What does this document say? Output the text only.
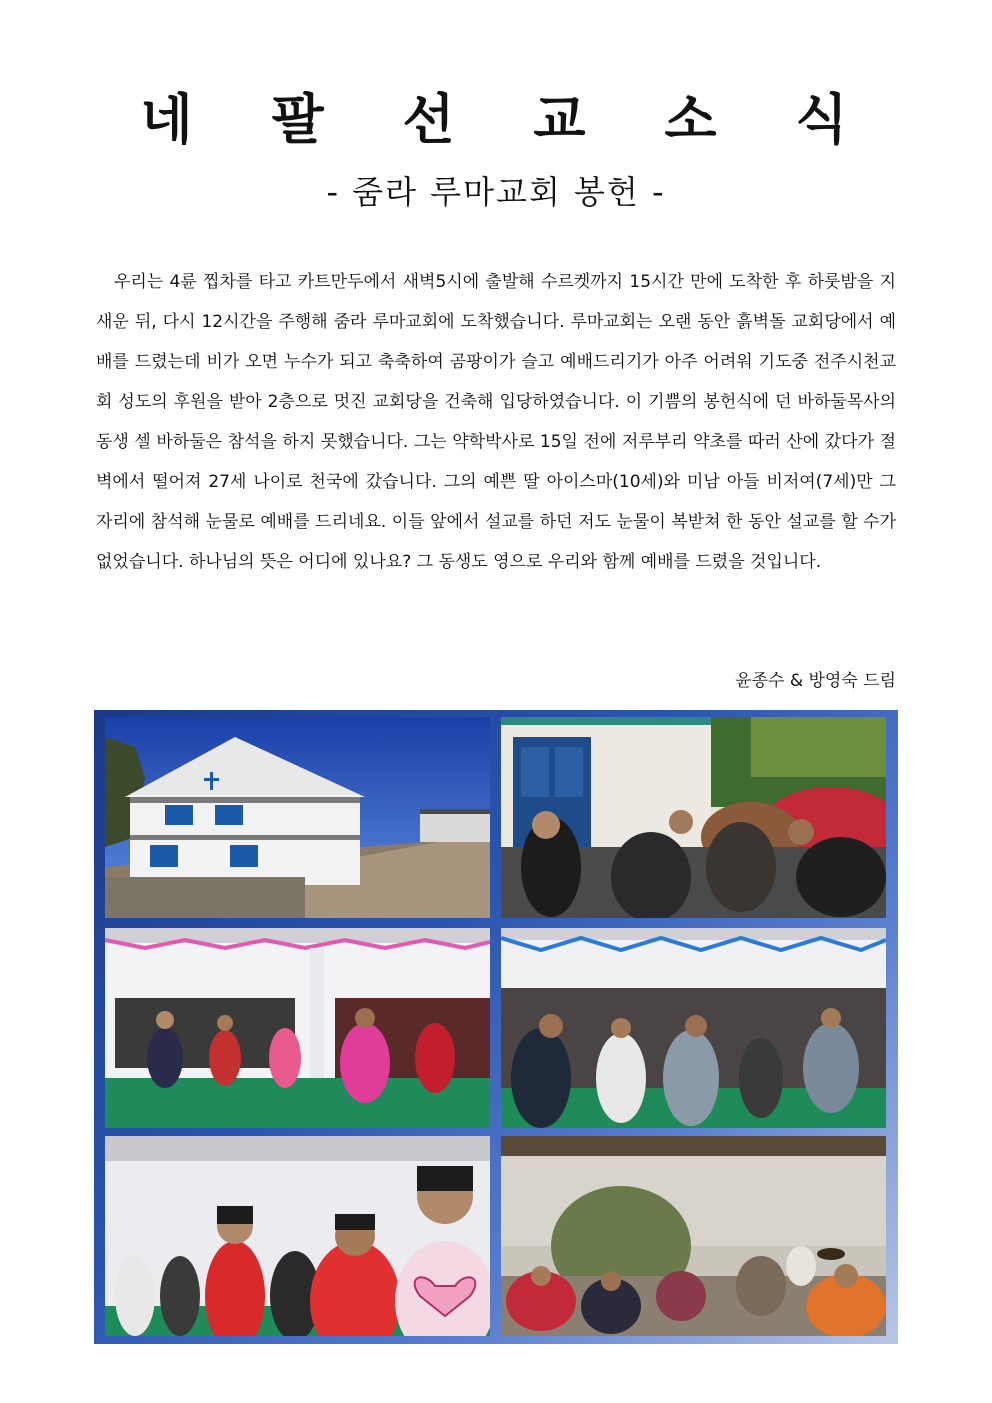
네 팔 선 교 소 식
- 줌라 루마교회 봉헌 -

우리는 4륜 찝차를 타고 카트만두에서 새벽5시에 출발해 수르켓까지 15시간 만에 도착한 후 하룻밤을 지새운 뒤, 다시 12시간을 주행해 줌라 루마교회에 도착했습니다. 루마교회는 오랜 동안 흙벽돌 교회당에서 예배를 드렸는데 비가 오면 누수가 되고 축축하여 곰팡이가 슬고 예배드리기가 아주 어려워 기도중 전주시천교회 성도의 후원을 받아 2층으로 멋진 교회당을 건축해 입당하였습니다. 이 기쁨의 봉헌식에 던 바하둘목사의 동생 셀 바하둘은 참석을 하지 못했습니다. 그는 약학박사로 15일 전에 저루부리 약초를 따러 산에 갔다가 절벽에서 떨어져 27세 나이로 천국에 갔습니다. 그의 예쁜 딸 아이스마(10세)와 미남 아들 비저여(7세)만 그 자리에 참석해 눈물로 예배를 드리네요. 이들 앞에서 설교를 하던 저도 눈물이 복받쳐 한 동안 설교를 할 수가 없었습니다. 하나님의 뜻은 어디에 있나요? 그 동생도 영으로 우리와 함께 예배를 드렸을 것입니다.

윤종수 & 방영숙 드림
